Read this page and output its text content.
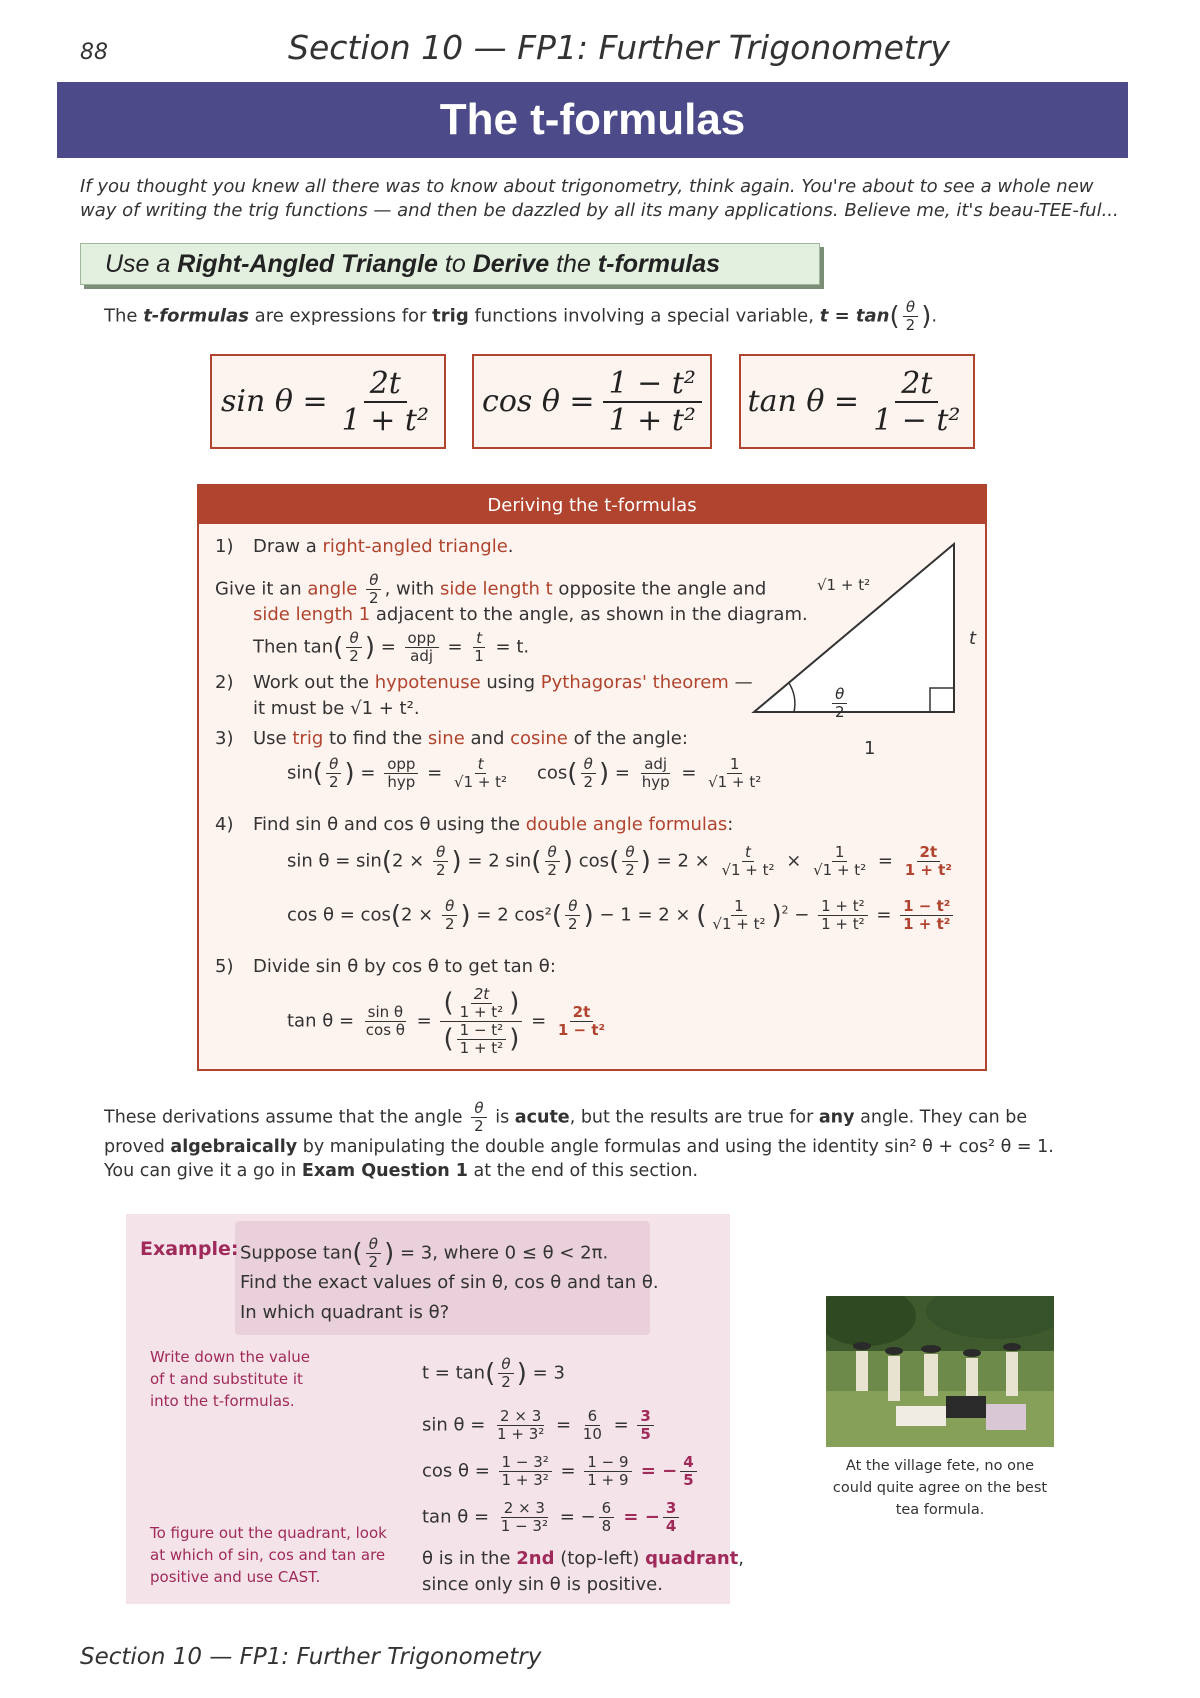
88	Section 10 — FP1: Further Trigonometry
The t-formulas
If you thought you knew all there was to know about trigonometry, think again. You're about to see a whole new way of writing the trig functions — and then be dazzled by all its many applications. Believe me, it's beau-TEE-ful...
Use a
Right-Angled Triangle
to
Derive
the
t-formulas
The t-formulas are expressions for trig functions involving a special variable, $t = \tan( \frac{\theta}{2}$ ).
$\sin \theta = \frac{2t}{\text{1 + t²}}$ $\cos \theta = \frac{\text{1 − t²}}{\text{1 + t²}}$ $\tan \theta = \frac{2t}{\text{1 − t²}}$
Deriving the t-formulas
√1 + t²
t
1
$\frac{\theta}{2}$
1) Draw a right-angled triangle.
Give it an angle $\frac{\theta}{2}$ , with side length t opposite the angle and
side length 1 adjacent to the angle, as shown in the diagram.
Then $\tan( \frac{\theta}{2}$ ) = opp
adj = $\frac{t}{1} = t$.
2) Work out the hypotenuse using Pythagoras' theorem —
it must be √1 + t².
3) Use trig to find the sine and cosine of the angle:
$\sin( \frac{\theta}{2}$ ) = opp
hyp = $\frac{t}{\text{√1 + t²}} \cos( \frac{\theta}{2}$ ) = adj
hyp = $\frac{1}{\text{√1 + t²}}$
4) Find sin θ and cos θ using the double angle formulas:
$\sin \theta = \sin(2 \times \frac{\theta}{2}$ ) = 2 $\sin( \frac{\theta}{2}$ ) $\cos( \frac{\theta}{2}$ ) = $2 \times \frac{t}{\text{√1 + t²}} \times \frac{1}{\text{√1 + t²}} = \frac{2t}{\text{1 + t²}}$
$\cos \theta = \cos(2 \times \frac{\theta}{2}$ ) = 2 $\cos^2( \frac{\theta}{2}$ ) − 1 = 2 × ( $\frac{1}{\text{√1 + t²}} )^2 - \frac{\text{1 + t²}}{\text{1 + t²}} = \frac{\text{1 − t²}}{\text{1 + t²}}$
5) Divide sin θ by cos θ to get tan θ:
$\tan \theta = \frac{\text{sin θ}}{\text{cos θ}} = \frac{( \frac{2t}{\text{1 + t²}} )}{( \frac{\text{1 − t²}}{\text{1 + t²}} )} = \frac{2t}{\text{1 − t²}}$
These derivations assume that the angle $\frac{\theta}{2}$ is acute, but the results are true for any angle. They can be
proved algebraically by manipulating the double angle formulas and using the identity sin² θ + cos² θ = 1.
You can give it a go in Exam Question 1 at the end of this section.
Example: Suppose $\tan( \frac{\theta}{2}$ ) = 3, where 0 ≤ θ < 2π.
Find the exact values of sin θ, cos θ and tan θ.
In which quadrant is θ?
Write down the value of t and substitute it into the t-formulas.
To figure out the quadrant, look at which of sin, cos and tan are positive and use CAST.
$t = \tan( \frac{\theta}{2}$ ) = 3
$\sin \theta = \frac{2 \times 3}{\text{1 + 3²}} = \frac{6}{10} = \frac{3}{5}$
$\cos \theta = \frac{\text{1 − 3²}}{\text{1 + 3²}} = \frac{1 - 9}{1 + 9}$ = − $\frac{4}{5}$
$\tan \theta = \frac{2 \times 3}{\text{1 − 3²}}$ = − $\frac{6}{8}$ = − $\frac{3}{4}$
θ is in the 2nd (top-left) quadrant,
since only sin θ is positive.
At the village fete, no one could quite agree on the best tea formula.
Section 10 — FP1: Further Trigonometry
